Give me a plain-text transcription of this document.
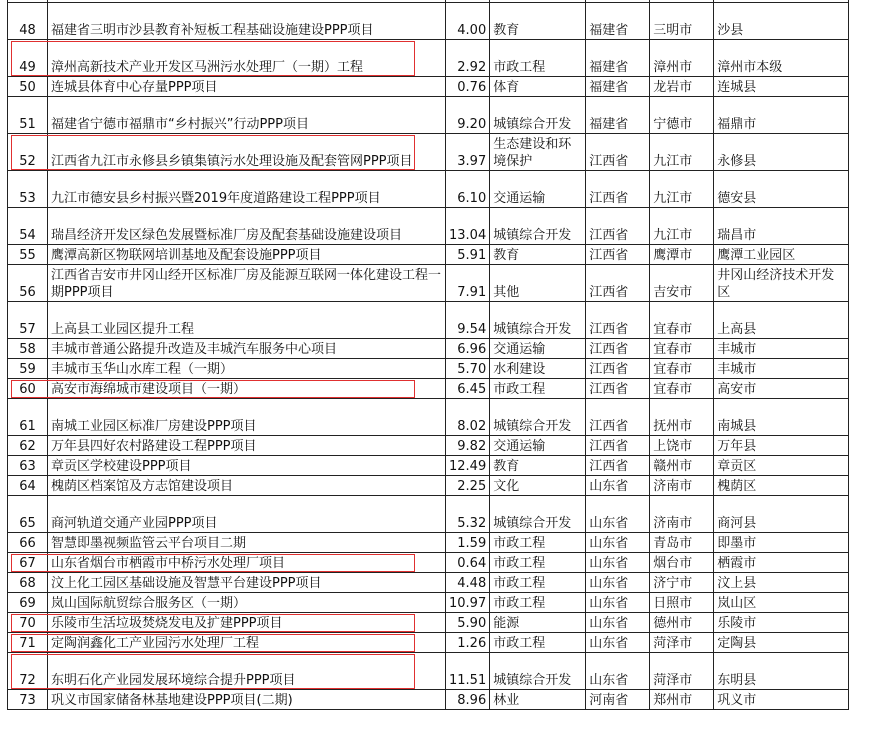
48	福建省三明市沙县教育补短板工程基础设施建设PPP项目	4.00	教育	福建省	三明市	沙县
49	漳州高新技术产业开发区马洲污水处理厂（一期）工程	2.92	市政工程	福建省	漳州市	漳州市本级
50	连城县体育中心存量PPP项目	0.76	体育	福建省	龙岩市	连城县
51	福建省宁德市福鼎市“乡村振兴”行动PPP项目	9.20	城镇综合开发	福建省	宁德市	福鼎市
52	江西省九江市永修县乡镇集镇污水处理设施及配套管网PPP项目	3.97	生态建设和环境保护	江西省	九江市	永修县
53	九江市德安县乡村振兴暨2019年度道路建设工程PPP项目	6.10	交通运输	江西省	九江市	德安县
54	瑞昌经济开发区绿色发展暨标准厂房及配套基础设施建设项目	13.04	城镇综合开发	江西省	九江市	瑞昌市
55	鹰潭高新区物联网培训基地及配套设施PPP项目	5.91	教育	江西省	鹰潭市	鹰潭工业园区
56	江西省吉安市井冈山经开区标准厂房及能源互联网一体化建设工程一期PPP项目	7.91	其他	江西省	吉安市	井冈山经济技术开发区
57	上高县工业园区提升工程	9.54	城镇综合开发	江西省	宜春市	上高县
58	丰城市普通公路提升改造及丰城汽车服务中心项目	6.96	交通运输	江西省	宜春市	丰城市
59	丰城市玉华山水库工程（一期）	5.70	水利建设	江西省	宜春市	丰城市
60	高安市海绵城市建设项目（一期）	6.45	市政工程	江西省	宜春市	高安市
61	南城工业园区标准厂房建设PPP项目	8.02	城镇综合开发	江西省	抚州市	南城县
62	万年县四好农村路建设工程PPP项目	9.82	交通运输	江西省	上饶市	万年县
63	章贡区学校建设PPP项目	12.49	教育	江西省	赣州市	章贡区
64	槐荫区档案馆及方志馆建设项目	2.25	文化	山东省	济南市	槐荫区
65	商河轨道交通产业园PPP项目	5.32	城镇综合开发	山东省	济南市	商河县
66	智慧即墨视频监管云平台项目二期	1.59	市政工程	山东省	青岛市	即墨市
67	山东省烟台市栖霞市中桥污水处理厂项目	0.64	市政工程	山东省	烟台市	栖霞市
68	汶上化工园区基础设施及智慧平台建设PPP项目	4.48	市政工程	山东省	济宁市	汶上县
69	岚山国际航贸综合服务区（一期）	10.97	市政工程	山东省	日照市	岚山区
70	乐陵市生活垃圾焚烧发电及扩建PPP项目	5.90	能源	山东省	德州市	乐陵市
71	定陶润鑫化工产业园污水处理厂工程	1.26	市政工程	山东省	菏泽市	定陶县
72	东明石化产业园发展环境综合提升PPP项目	11.51	城镇综合开发	山东省	菏泽市	东明县
73	巩义市国家储备林基地建设PPP项目(二期)	8.96	林业	河南省	郑州市	巩义市
